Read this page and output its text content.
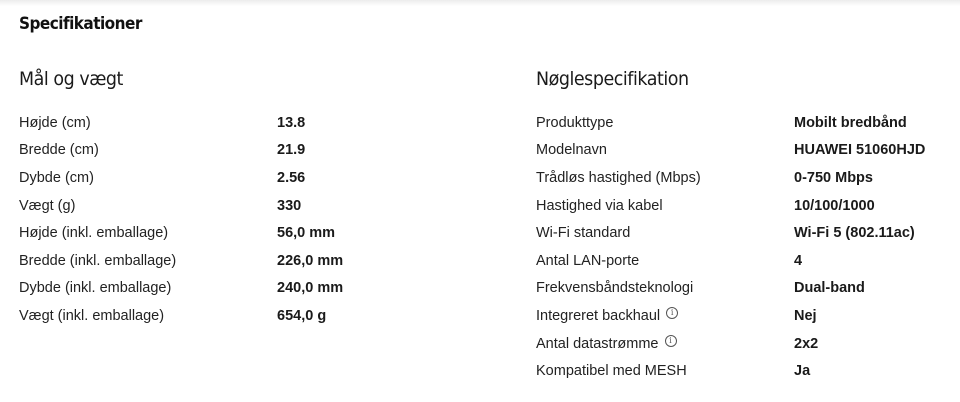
Specifikationer
Mål og vægt
Højde (cm)	13.8
Bredde (cm)	21.9
Dybde (cm)	2.56
Vægt (g)	330
Højde (inkl. emballage)	56,0 mm
Bredde (inkl. emballage)	226,0 mm
Dybde (inkl. emballage)	240,0 mm
Vægt (inkl. emballage)	654,0 g
Nøglespecifikation
Produkttype	Mobilt bredbånd
Modelnavn	HUAWEI 51060HJD
Trådløs hastighed (Mbps)	0-750 Mbps
Hastighed via kabel	10/100/1000
Wi-Fi standard	Wi-Fi 5 (802.11ac)
Antal LAN-porte	4
Frekvensbåndsteknologi	Dual-band
Integreret backhaul	i	Nej
Antal datastrømme	i	2x2
Kompatibel med MESH	Ja
